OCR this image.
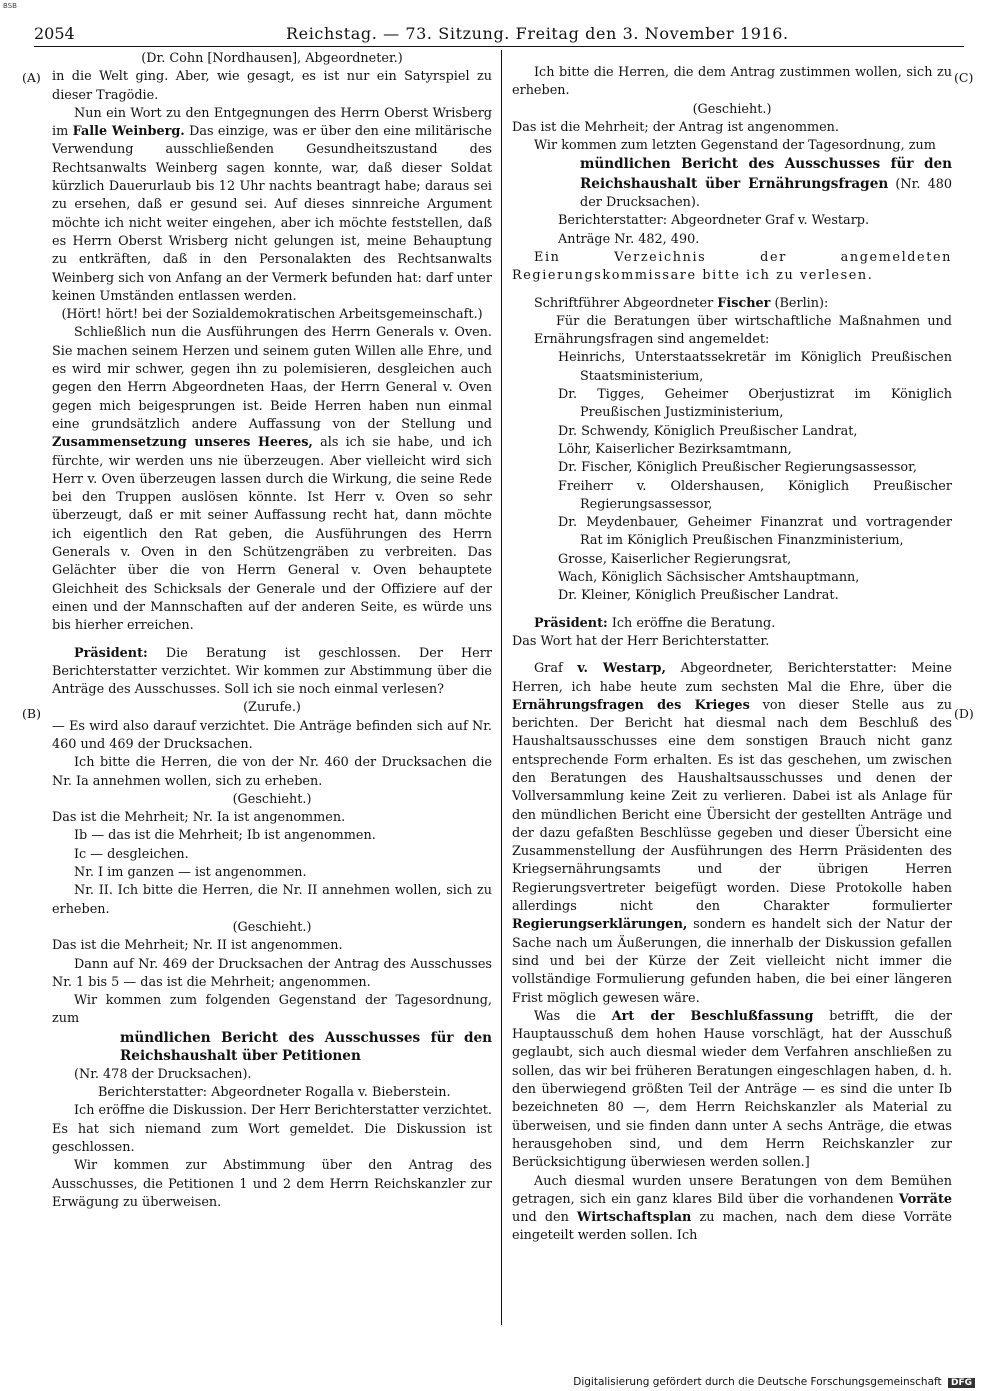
BSB
2054	Reichstag. — 73. Sitzung. Freitag den 3. November 1916.
(A)
(B)
(C)
(D)

(Dr. Cohn [Nordhausen], Abgeordneter.)

in die Welt ging. Aber, wie gesagt, es ist nur ein Satyrspiel zu dieser Tragödie.

Nun ein Wort zu den Entgegnungen des Herrn Oberst Wrisberg im Falle Weinberg. Das einzige, was er über den eine militärische Verwendung ausschließenden Gesundheitszustand des Rechtsanwalts Weinberg sagen konnte, war, daß dieser Soldat kürzlich Dauerurlaub bis 12 Uhr nachts beantragt habe; daraus sei zu ersehen, daß er gesund sei. Auf dieses sinnreiche Argument möchte ich nicht weiter eingehen, aber ich möchte feststellen, daß es Herrn Oberst Wrisberg nicht gelungen ist, meine Behauptung zu entkräften, daß in den Personalakten des Rechtsanwalts Weinberg sich von Anfang an der Vermerk befunden hat: darf unter keinen Umständen entlassen werden.

(Hört! hört! bei der Sozialdemokratischen Arbeitsgemeinschaft.)

Schließlich nun die Ausführungen des Herrn Generals v. Oven. Sie machen seinem Herzen und seinem guten Willen alle Ehre, und es wird mir schwer, gegen ihn zu polemisieren, desgleichen auch gegen den Herrn Abgeordneten Haas, der Herrn General v. Oven gegen mich beigesprungen ist. Beide Herren haben nun einmal eine grundsätzlich andere Auffassung von der Stellung und Zusammensetzung unseres Heeres, als ich sie habe, und ich fürchte, wir werden uns nie überzeugen. Aber vielleicht wird sich Herr v. Oven überzeugen lassen durch die Wirkung, die seine Rede bei den Truppen auslösen könnte. Ist Herr v. Oven so sehr überzeugt, daß er mit seiner Auffassung recht hat, dann möchte ich eigentlich den Rat geben, die Ausführungen des Herrn Generals v. Oven in den Schützengräben zu verbreiten. Das Gelächter über die von Herrn General v. Oven behauptete Gleichheit des Schicksals der Generale und der Offiziere auf der einen und der Mannschaften auf der anderen Seite, es würde uns bis hierher erreichen.

Präsident: Die Beratung ist geschlossen. Der Herr Berichterstatter verzichtet. Wir kommen zur Abstimmung über die Anträge des Ausschusses. Soll ich sie noch einmal verlesen?

(Zurufe.)

— Es wird also darauf verzichtet. Die Anträge befinden sich auf Nr. 460 und 469 der Drucksachen.

Ich bitte die Herren, die von der Nr. 460 der Drucksachen die Nr. Ia annehmen wollen, sich zu erheben.

(Geschieht.)

Das ist die Mehrheit; Nr. Ia ist angenommen.

Ib — das ist die Mehrheit; Ib ist angenommen.

Ic — desgleichen.

Nr. I im ganzen — ist angenommen.

Nr. II. Ich bitte die Herren, die Nr. II annehmen wollen, sich zu erheben.

(Geschieht.)

Das ist die Mehrheit; Nr. II ist angenommen.

Dann auf Nr. 469 der Drucksachen der Antrag des Ausschusses Nr. 1 bis 5 — das ist die Mehrheit; angenommen.

Wir kommen zum folgenden Gegenstand der Tagesordnung, zum

mündlichen Bericht des Ausschusses für den Reichshaushalt über Petitionen

(Nr. 478 der Drucksachen).

Berichterstatter: Abgeordneter Rogalla v. Bieberstein.

Ich eröffne die Diskussion. Der Herr Berichterstatter verzichtet. Es hat sich niemand zum Wort gemeldet. Die Diskussion ist geschlossen.

Wir kommen zur Abstimmung über den Antrag des Ausschusses, die Petitionen 1 und 2 dem Herrn Reichskanzler zur Erwägung zu überweisen.

Ich bitte die Herren, die dem Antrag zustimmen wollen, sich zu erheben.

(Geschieht.)

Das ist die Mehrheit; der Antrag ist angenommen.

Wir kommen zum letzten Gegenstand der Tagesordnung, zum

mündlichen Bericht des Ausschusses für den Reichshaushalt über Ernährungsfragen (Nr. 480 der Drucksachen).

Berichterstatter: Abgeordneter Graf v. Westarp.

Anträge Nr. 482, 490.

Ein Verzeichnis der angemeldeten Regierungskommissare bitte ich zu verlesen.

Schriftführer Abgeordneter Fischer (Berlin):

Für die Beratungen über wirtschaftliche Maßnahmen und Ernährungsfragen sind angemeldet:

Heinrichs, Unterstaatssekretär im Königlich Preußischen Staatsministerium,

Dr. Tigges, Geheimer Oberjustizrat im Königlich Preußischen Justizministerium,

Dr. Schwendy, Königlich Preußischer Landrat,

Löhr, Kaiserlicher Bezirksamtmann,

Dr. Fischer, Königlich Preußischer Regierungsassessor,

Freiherr v. Oldershausen, Königlich Preußischer Regierungsassessor,

Dr. Meydenbauer, Geheimer Finanzrat und vortragender Rat im Königlich Preußischen Finanzministerium,

Grosse, Kaiserlicher Regierungsrat,

Wach, Königlich Sächsischer Amtshauptmann,

Dr. Kleiner, Königlich Preußischer Landrat.

Präsident: Ich eröffne die Beratung.

Das Wort hat der Herr Berichterstatter.

Graf v. Westarp, Abgeordneter, Berichterstatter: Meine Herren, ich habe heute zum sechsten Mal die Ehre, über die Ernährungsfragen des Krieges von dieser Stelle aus zu berichten. Der Bericht hat diesmal nach dem Beschluß des Haushaltsausschusses eine dem sonstigen Brauch nicht ganz entsprechende Form erhalten. Es ist das geschehen, um zwischen den Beratungen des Haushaltsausschusses und denen der Vollversammlung keine Zeit zu verlieren. Dabei ist als Anlage für den mündlichen Bericht eine Übersicht der gestellten Anträge und der dazu gefaßten Beschlüsse gegeben und dieser Übersicht eine Zusammenstellung der Ausführungen des Herrn Präsidenten des Kriegsernährungsamts und der übrigen Herren Regierungsvertreter beigefügt worden. Diese Protokolle haben allerdings nicht den Charakter formulierter Regierungserklärungen, sondern es handelt sich der Natur der Sache nach um Äußerungen, die innerhalb der Diskussion gefallen sind und bei der Kürze der Zeit vielleicht nicht immer die vollständige Formulierung gefunden haben, die bei einer längeren Frist möglich gewesen wäre.

Was die Art der Beschlußfassung betrifft, die der Hauptausschuß dem hohen Hause vorschlägt, hat der Ausschuß geglaubt, sich auch diesmal wieder dem Verfahren anschließen zu sollen, das wir bei früheren Beratungen eingeschlagen haben, d. h. den überwiegend größten Teil der Anträge — es sind die unter Ib bezeichneten 80 —, dem Herrn Reichskanzler als Material zu überweisen, und sie finden dann unter A sechs Anträge, die etwas herausgehoben sind, und dem Herrn Reichskanzler zur Berücksichtigung überwiesen werden sollen.]

Auch diesmal wurden unsere Beratungen von dem Bemühen getragen, sich ein ganz klares Bild über die vorhandenen Vorräte und den Wirtschaftsplan zu machen, nach dem diese Vorräte eingeteilt werden sollen. Ich

Digitalisierung gefördert durch die Deutsche Forschungsgemeinschaft DFG
